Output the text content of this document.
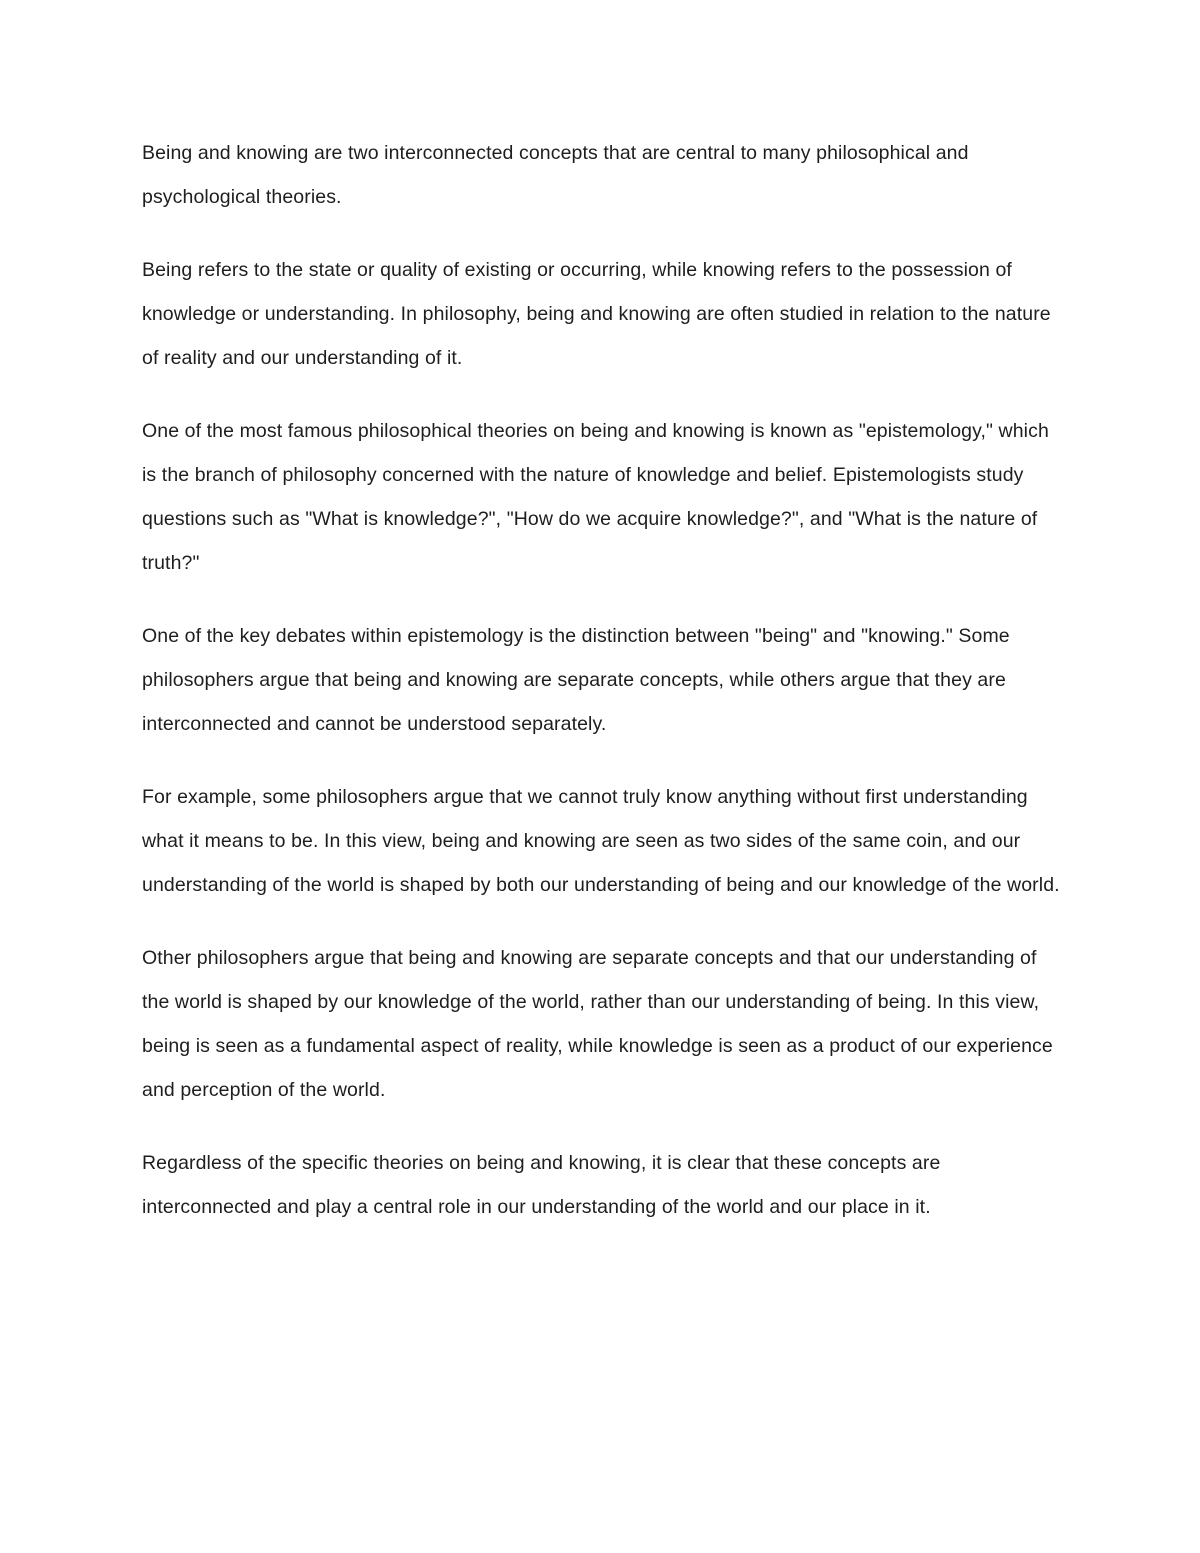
Being and knowing are two interconnected concepts that are central to many philosophical and psychological theories.

Being refers to the state or quality of existing or occurring, while knowing refers to the possession of knowledge or understanding. In philosophy, being and knowing are often studied in relation to the nature of reality and our understanding of it.

One of the most famous philosophical theories on being and knowing is known as "epistemology," which is the branch of philosophy concerned with the nature of knowledge and belief. Epistemologists study questions such as "What is knowledge?", "How do we acquire knowledge?", and "What is the nature of truth?"

One of the key debates within epistemology is the distinction between "being" and "knowing." Some philosophers argue that being and knowing are separate concepts, while others argue that they are interconnected and cannot be understood separately.

For example, some philosophers argue that we cannot truly know anything without first understanding what it means to be. In this view, being and knowing are seen as two sides of the same coin, and our understanding of the world is shaped by both our understanding of being and our knowledge of the world.

Other philosophers argue that being and knowing are separate concepts and that our understanding of the world is shaped by our knowledge of the world, rather than our understanding of being. In this view, being is seen as a fundamental aspect of reality, while knowledge is seen as a product of our experience and perception of the world.

Regardless of the specific theories on being and knowing, it is clear that these concepts are interconnected and play a central role in our understanding of the world and our place in it.
